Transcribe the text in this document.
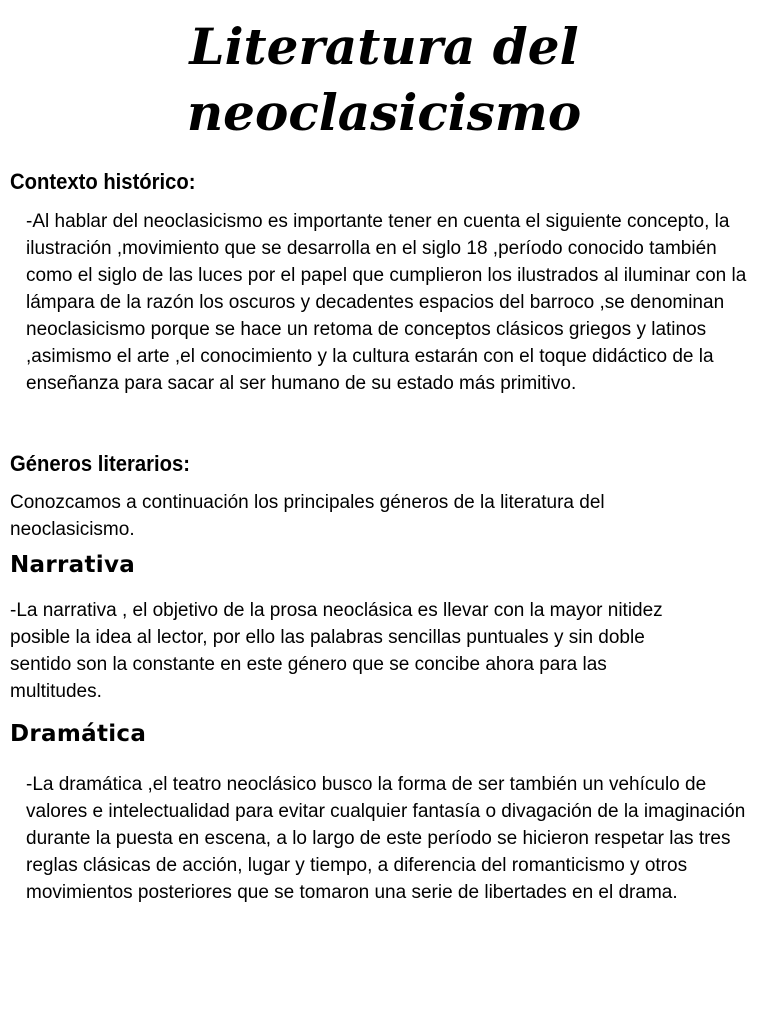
Literatura del
neoclasicismo
Contexto histórico:

-Al hablar del neoclasicismo es importante tener en cuenta el siguiente concepto, la ilustración ,movimiento que se desarrolla en el siglo 18 ,período conocido también como el siglo de las luces por el papel que cumplieron los ilustrados al iluminar con la lámpara de la razón los oscuros y decadentes espacios del barroco ,se denominan neoclasicismo porque se hace un retoma de conceptos clásicos griegos y latinos ,asimismo el arte ,el conocimiento y la cultura estarán con el toque didáctico de la enseñanza para sacar al ser humano de su estado más primitivo.

Géneros literarios:

Conozcamos a continuación los principales géneros de la literatura del neoclasicismo.

Narrativa

-La narrativa , el objetivo de la prosa neoclásica es llevar con la mayor nitidez posible la idea al lector, por ello las palabras sencillas puntuales y sin doble sentido son la constante en este género que se concibe ahora para las multitudes.

Dramática

-La dramática ,el teatro neoclásico busco la forma de ser también un vehículo de valores e intelectualidad para evitar cualquier fantasía o divagación de la imaginación durante la puesta en escena, a lo largo de este período se hicieron respetar las tres reglas clásicas de acción, lugar y tiempo, a diferencia del romanticismo y otros movimientos posteriores que se tomaron una serie de libertades en el drama.
